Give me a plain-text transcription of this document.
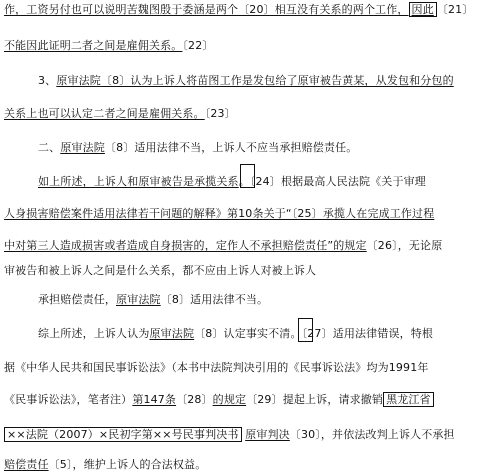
作，工资另付也可以说明苦魏图殷于委涵是两个〔20〕相互没有关系的两个工作， 因此 〔21〕
不能因此证明二者之间是雇佣关系。〔22〕
3、原审法院〔8〕认为上诉人将苗图工作是发包给了原审被告黄某，从发包和分包的
关系上也可以认定二者之间是雇佣关系。〔23〕
二、原审法院〔8〕适用法律不当，上诉人不应当承担赔偿责任。
如上所述，上诉人和原审被告是承揽关系。〔24〕根据最高人民法院《关于审理
人身损害赔偿案件适用法律若干问题的解释》第10条关于“〔25〕承揽人在完成工作过程
中对第三人造成损害或者造成自身损害的，定作人不承担赔偿责任”的规定〔26〕，无论原
审被告和被上诉人之间是什么关系，都不应由上诉人对被上诉人
承担赔偿责任，原审法院〔8〕适用法律不当。
综上所述，上诉人认为原审法院〔8〕认定事实不清。〔27〕适用法律错误，特根
据《中华人民共和国民事诉讼法》（本书中法院判决引用的《民事诉讼法》均为1991年
《民事诉讼法》，笔者注）第147条〔28〕的规定〔29〕提起上诉，请求撤销 黑龙江省
××法院（2007）×民初字第××号民事判决书 原审判决〔30〕，并依法改判上诉人不承担
赔偿责任〔5〕，维护上诉人的合法权益。
